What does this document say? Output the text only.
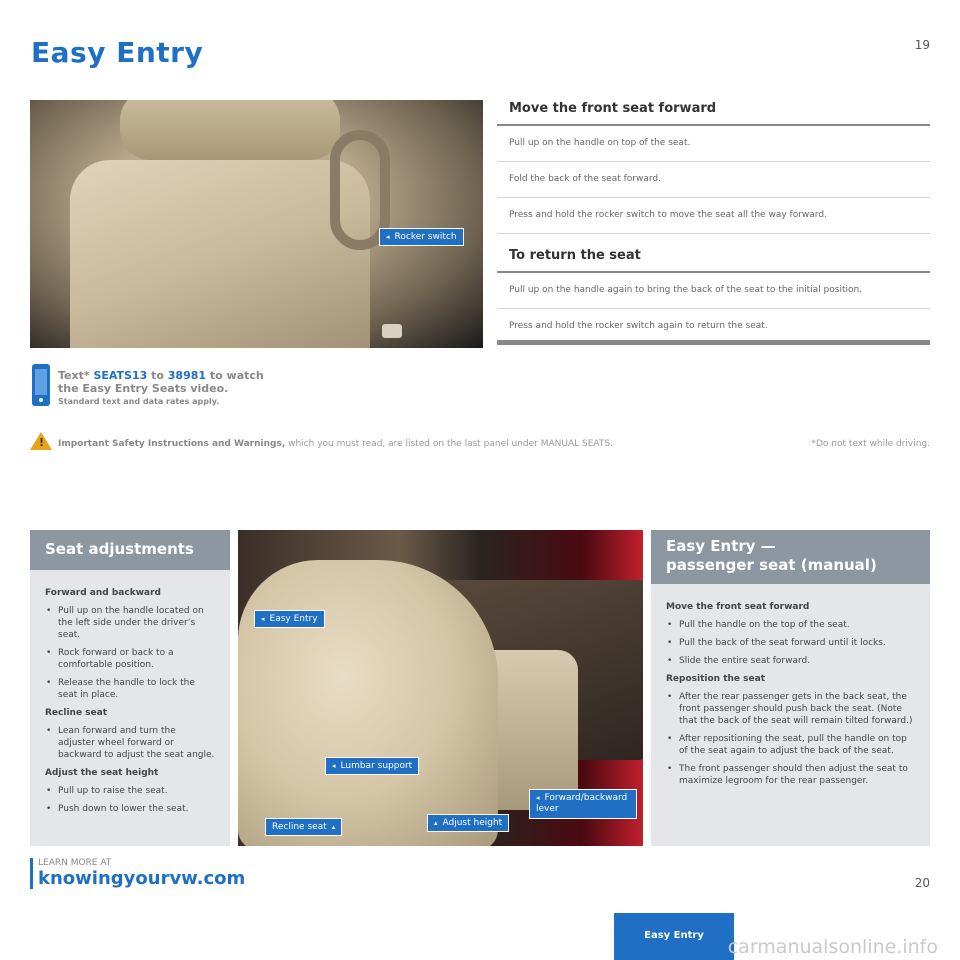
Easy Entry	19
◂ Rocker switch
Move the front seat forward
Pull up on the handle on top of the seat.
Fold the back of the seat forward.
Press and hold the rocker switch to move the seat all the way forward.
To return the seat
Pull up on the handle again to bring the back of the seat to the initial position.
Press and hold the rocker switch again to return the seat.
Text* SEATS13 to 38981 to watch
the Easy Entry Seats video.
Standard text and data rates apply.
! Important Safety Instructions and Warnings, which you must read, are listed on the last panel under MANUAL SEATS.	*Do not text while driving.
Seat adjustments
Forward and backward
• Pull up on the handle located on the left side under the driver’s seat.
• Rock forward or back to a comfortable position.
• Release the handle to lock the seat in place.
Recline seat
• Lean forward and turn the adjuster wheel forward or backward to adjust the seat angle.
Adjust the seat height
• Pull up to raise the seat.
• Push down to lower the seat.
◂ Easy Entry
◂ Lumbar support
Recline seat ▴	▴ Adjust height
◂ Forward/backward lever
Easy Entry —
passenger seat (manual)
Move the front seat forward
• Pull the handle on the top of the seat.
• Pull the back of the seat forward until it locks.
• Slide the entire seat forward.
Reposition the seat
• After the rear passenger gets in the back seat, the front passenger should push back the seat. (Note that the back of the seat will remain tilted forward.)
• After repositioning the seat, pull the handle on top of the seat again to adjust the back of the seat.
• The front passenger should then adjust the seat to maximize legroom for the rear passenger.
LEARN MORE AT
knowingyourvw.com	20
Easy Entry
carmanualsonline.info
